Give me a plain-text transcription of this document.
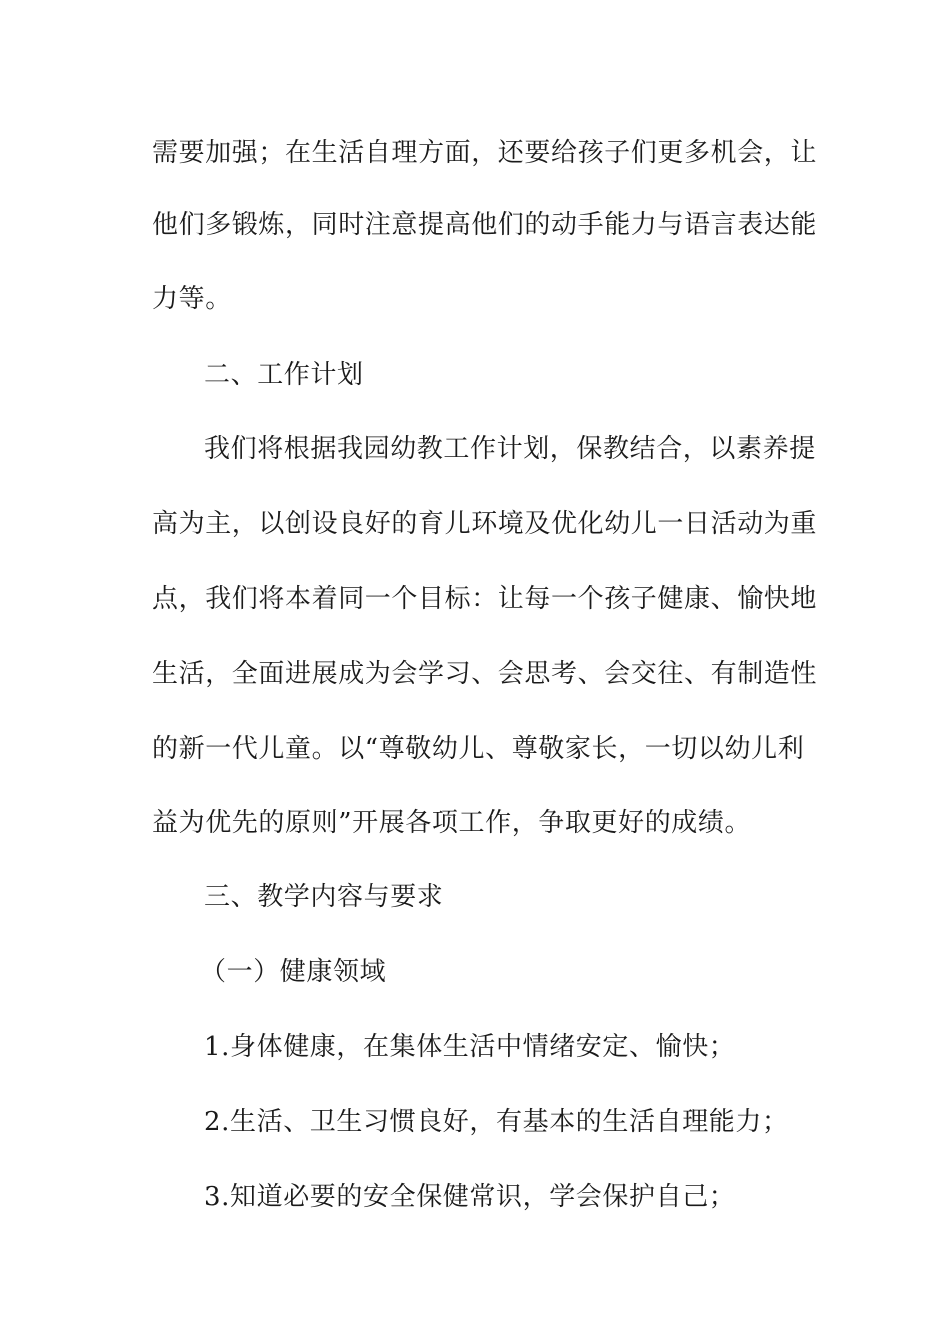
需要加强；在生活自理方面，还要给孩子们更多机会，让
他们多锻炼，同时注意提高他们的动手能力与语言表达能
力等。
二、工作计划
我们将根据我园幼教工作计划，保教结合，以素养提
高为主，以创设良好的育儿环境及优化幼儿一日活动为重
点，我们将本着同一个目标：让每一个孩子健康、愉快地
生活，全面进展成为会学习、会思考、会交往、有制造性
的新一代儿童。以“尊敬幼儿、尊敬家长，一切以幼儿利
益为优先的原则”开展各项工作，争取更好的成绩。
三、教学内容与要求
（一）健康领域
1.身体健康，在集体生活中情绪安定、愉快；
2.生活、卫生习惯良好，有基本的生活自理能力；
3.知道必要的安全保健常识，学会保护自己；
